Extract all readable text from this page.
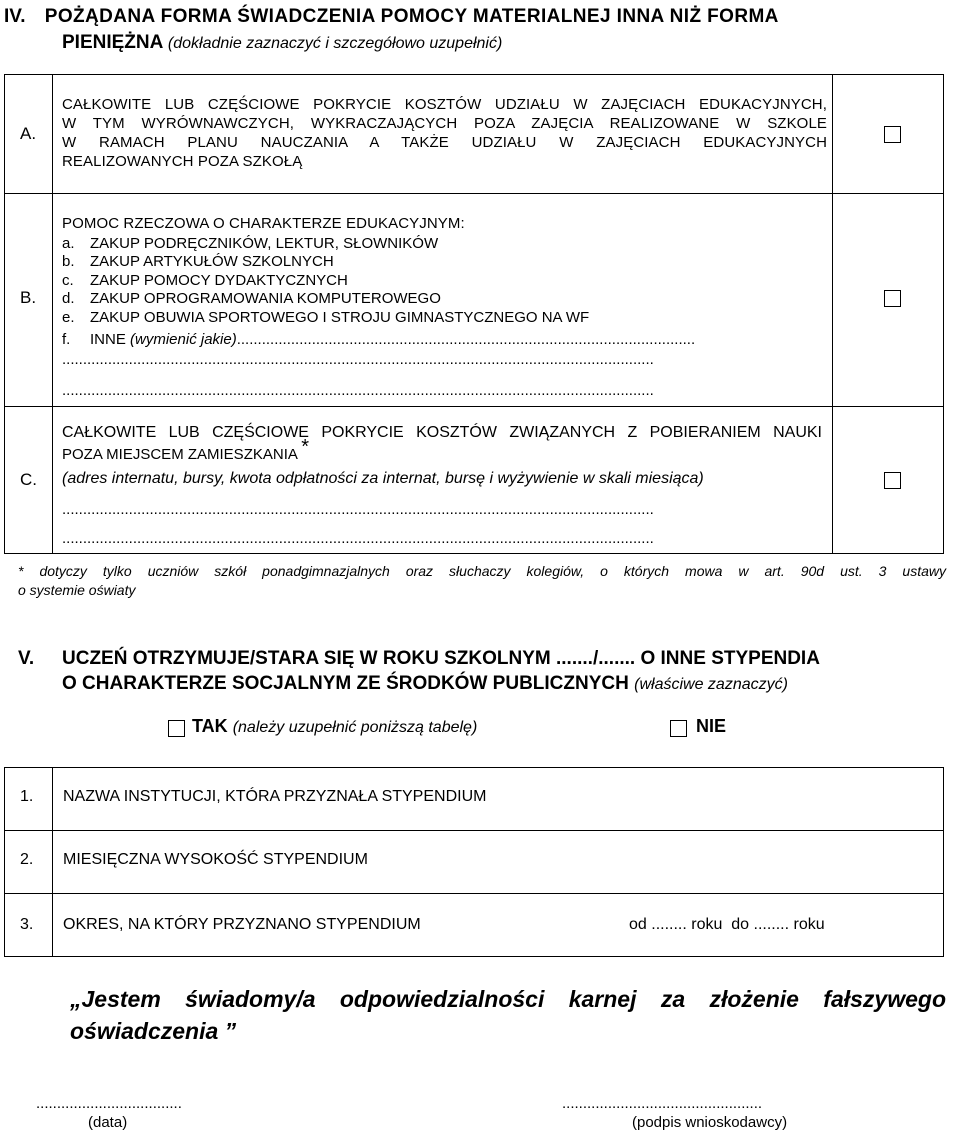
IV. POŻĄDANA FORMA ŚWIADCZENIA POMOCY MATERIALNEJ INNA NIŻ FORMA
PIENIĘŻNA (dokładnie zaznaczyć i szczegółowo uzupełnić)
A.
CAŁKOWITE LUB CZĘŚCIOWE POKRYCIE KOSZTÓW UDZIAŁU W ZAJĘCIACH EDUKACYJNYCH,
W TYM WYRÓWNAWCZYCH, WYKRACZAJĄCYCH POZA ZAJĘCIA REALIZOWANE W SZKOLE
W RAMACH PLANU NAUCZANIA A TAKŻE UDZIAŁU W ZAJĘCIACH EDUKACYJNYCH
REALIZOWANYCH POZA SZKOŁĄ
B.
POMOC RZECZOWA O CHARAKTERZE EDUKACYJNYM:
a. ZAKUP PODRĘCZNIKÓW, LEKTUR, SŁOWNIKÓW
b. ZAKUP ARTYKUŁÓW SZKOLNYCH
c. ZAKUP POMOCY DYDAKTYCZNYCH
d. ZAKUP OPROGRAMOWANIA KOMPUTEROWEGO
e. ZAKUP OBUWIA SPORTOWEGO I STROJU GIMNASTYCZNEGO NA WF
f. INNE (wymienić jakie)..............................................................................................................
..............................................................................................................................................
..............................................................................................................................................
C.
CAŁKOWITE LUB CZĘŚCIOWE POKRYCIE KOSZTÓW ZWIĄZANYCH Z POBIERANIEM NAUKI
POZA MIEJSCEM ZAMIESZKANIA *
(adres internatu, bursy, kwota odpłatności za internat, bursę i wyżywienie w skali miesiąca)
..............................................................................................................................................
..............................................................................................................................................
* dotyczy tylko uczniów szkół ponadgimnazjalnych oraz słuchaczy kolegiów, o których mowa w art. 90d ust. 3 ustawy
o systemie oświaty
V. UCZEŃ OTRZYMUJE/STARA SIĘ W ROKU SZKOLNYM ......./....... O INNE STYPENDIA
O CHARAKTERZE SOCJALNYM ZE ŚRODKÓW PUBLICZNYCH (właściwe zaznaczyć)
TAK (należy uzupełnić poniższą tabelę)	NIE
1. NAZWA INSTYTUCJI, KTÓRA PRZYZNAŁA STYPENDIUM
2. MIESIĘCZNA WYSOKOŚĆ STYPENDIUM
3. OKRES, NA KTÓRY PRZYZNANO STYPENDIUM	od ........ roku  do ........ roku
„Jestem świadomy/a odpowiedzialności karnej za złożenie fałszywego
oświadczenia ”
...................................
(data)
................................................
(podpis wnioskodawcy)
